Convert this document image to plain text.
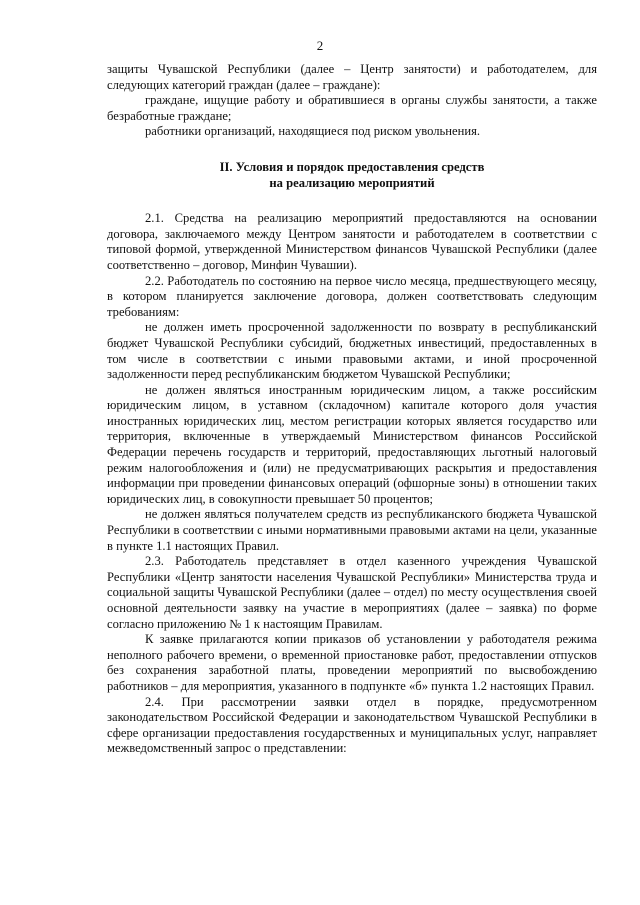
2

защиты Чувашской Республики (далее – Центр занятости) и работодателем, для следующих категорий граждан (далее – граждане):

граждане, ищущие работу и обратившиеся в органы службы занятости, а также безработные граждане;

работники организаций, находящиеся под риском увольнения.

II. Условия и порядок предоставления средств
на реализацию мероприятий

2.1. Средства на реализацию мероприятий предоставляются на основании договора, заключаемого между Центром занятости и работодателем в соответствии с типовой формой, утвержденной Министерством финансов Чувашской Республики (далее соответственно – договор, Минфин Чувашии).

2.2. Работодатель по состоянию на первое число месяца, предшествующего месяцу, в котором планируется заключение договора, должен соответствовать следующим требованиям:

не должен иметь просроченной задолженности по возврату в республиканский бюджет Чувашской Республики субсидий, бюджетных инвестиций, предоставленных в том числе в соответствии с иными правовыми актами, и иной просроченной задолженности перед республиканским бюджетом Чувашской Республики;

не должен являться иностранным юридическим лицом, а также российским юридическим лицом, в уставном (складочном) капитале которого доля участия иностранных юридических лиц, местом регистрации которых является государство или территория, включенные в утверждаемый Министерством финансов Российской Федерации перечень государств и территорий, предоставляющих льготный налоговый режим налогообложения и (или) не предусматривающих раскрытия и предоставления информации при проведении финансовых операций (офшорные зоны) в отношении таких юридических лиц, в совокупности превышает 50 процентов;

не должен являться получателем средств из республиканского бюджета Чувашской Республики в соответствии с иными нормативными правовыми актами на цели, указанные в пункте 1.1 настоящих Правил.

2.3. Работодатель представляет в отдел казенного учреждения Чувашской Республики «Центр занятости населения Чувашской Республики» Министерства труда и социальной защиты Чувашской Республики (далее – отдел) по месту осуществления своей основной деятельности заявку на участие в мероприятиях (далее – заявка) по форме согласно приложению № 1 к настоящим Правилам.

К заявке прилагаются копии приказов об установлении у работодателя режима неполного рабочего времени, о временной приостановке работ, предоставлении отпусков без сохранения заработной платы, проведении мероприятий по высвобождению работников – для мероприятия, указанного в подпункте «б» пункта 1.2 настоящих Правил.

2.4. При рассмотрении заявки отдел в порядке, предусмотренном законодательством Российской Федерации и законодательством Чувашской Республики в сфере организации предоставления государственных и муниципальных услуг, направляет межведомственный запрос о представлении:
